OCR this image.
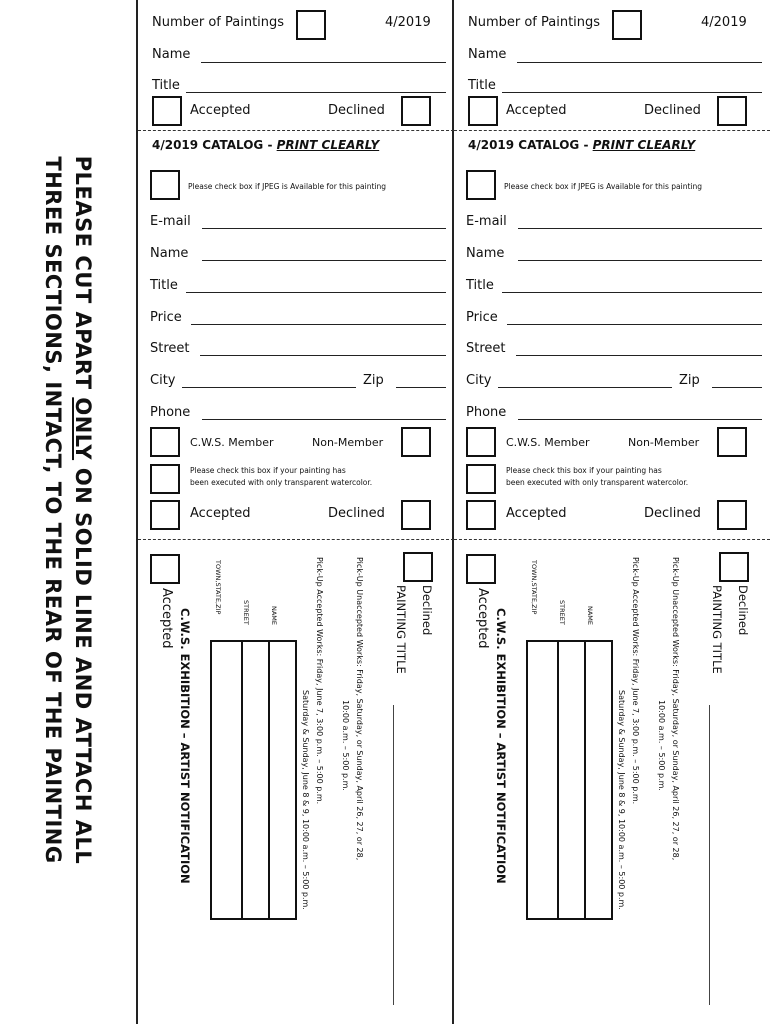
PLEASE CUT APART ONLY ON SOLID LINE AND ATTACH ALL
THREE SECTIONS, INTACT, TO THE REAR OF THE PAINTING
Number of Paintings	4/2019
Name
Title
Accepted	Declined
4/2019 CATALOG - PRINT CLEARLY
Please check box if JPEG is Available for this painting
E-mail
Name
Title
Price
Street
City	Zip
Phone
C.W.S. Member	Non-Member
Please check this box if your painting has
been executed with only transparent watercolor.
Accepted	Declined
Declined
PAINTING TITLE
Pick-Up Unaccepted Works: Friday, Saturday, or Sunday, April 26, 27, or 28,
10:00 a.m. – 5:00 p.m.
Pick-Up Accepted Works: Friday, June 7, 3:00 p.m. – 5:00 p.m.
Saturday & Sunday, June 8 & 9, 10:00 a.m. – 5:00 p.m.
NAME
STREET
TOWN,STATE,ZIP
C.W.S. EXHIBITION – ARTIST NOTIFICATION
Accepted
Number of Paintings	4/2019
Name
Title
Accepted	Declined
4/2019 CATALOG - PRINT CLEARLY
Please check box if JPEG is Available for this painting
E-mail
Name
Title
Price
Street
City	Zip
Phone
C.W.S. Member	Non-Member
Please check this box if your painting has
been executed with only transparent watercolor.
Accepted	Declined
Declined
PAINTING TITLE
Pick-Up Unaccepted Works: Friday, Saturday, or Sunday, April 26, 27, or 28,
10:00 a.m. – 5:00 p.m.
Pick-Up Accepted Works: Friday, June 7, 3:00 p.m. – 5:00 p.m.
Saturday & Sunday, June 8 & 9, 10:00 a.m. – 5:00 p.m.
NAME
STREET
TOWN,STATE,ZIP
C.W.S. EXHIBITION – ARTIST NOTIFICATION
Accepted
